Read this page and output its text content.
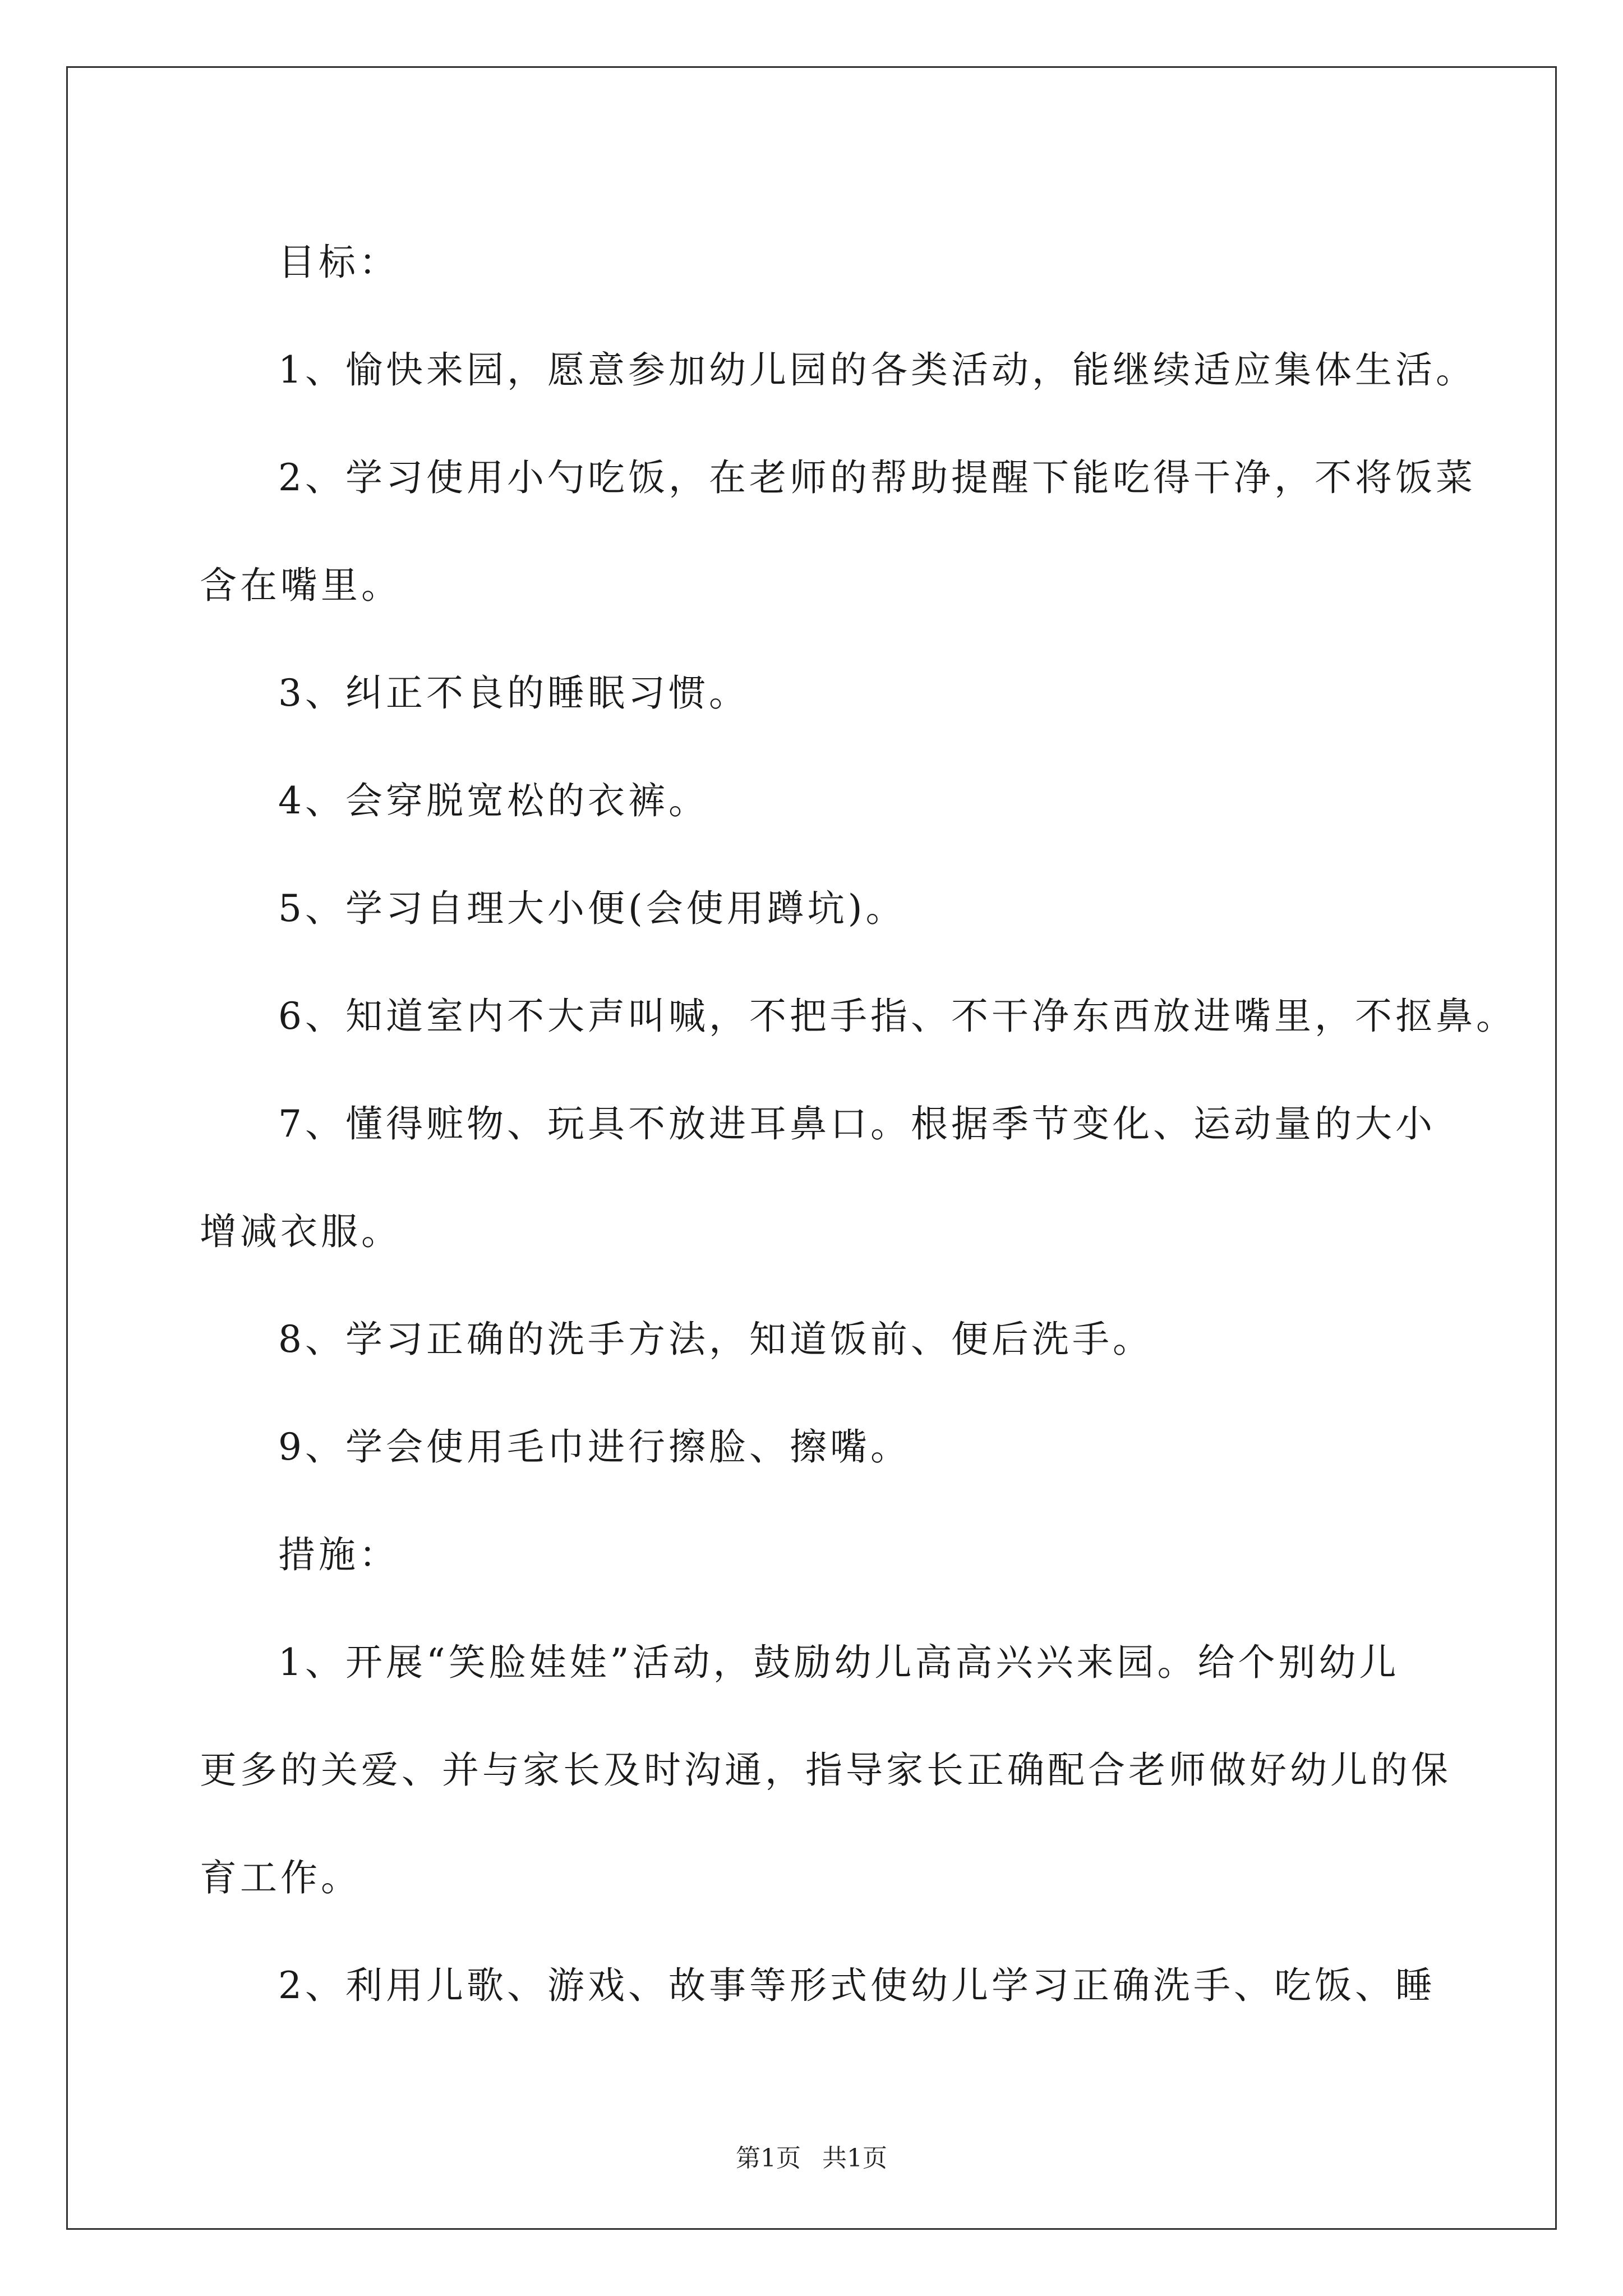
目标：

1、愉快来园，愿意参加幼儿园的各类活动，能继续适应集体生活。

2、学习使用小勺吃饭，在老师的帮助提醒下能吃得干净，不将饭菜

含在嘴里。

3、纠正不良的睡眠习惯。

4、会穿脱宽松的衣裤。

5、学习自理大小便(会使用蹲坑)。

6、知道室内不大声叫喊，不把手指、不干净东西放进嘴里，不抠鼻。

7、懂得赃物、玩具不放进耳鼻口。根据季节变化、运动量的大小

增减衣服。

8、学习正确的洗手方法，知道饭前、便后洗手。

9、学会使用毛巾进行擦脸、擦嘴。

措施：

1、开展“笑脸娃娃”活动，鼓励幼儿高高兴兴来园。给个别幼儿

更多的关爱、并与家长及时沟通，指导家长正确配合老师做好幼儿的保

育工作。

2、利用儿歌、游戏、故事等形式使幼儿学习正确洗手、吃饭、睡

第1页 共1页
